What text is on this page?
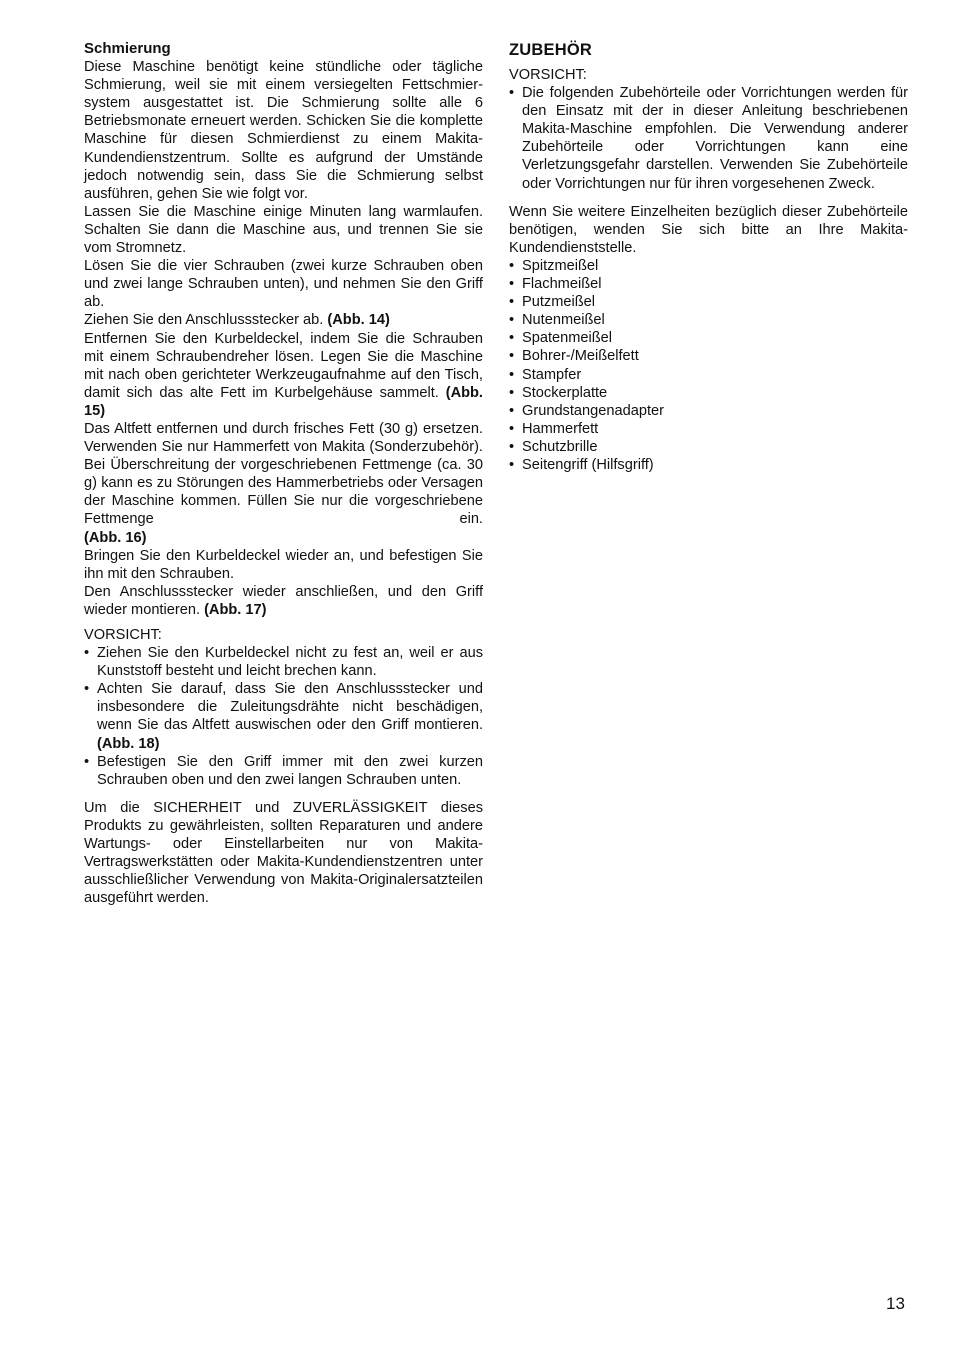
Schmierung

Diese Maschine benötigt keine stündliche oder tägliche Schmierung, weil sie mit einem versiegelten Fettschmiersystem ausgestattet ist. Die Schmierung sollte alle 6 Betriebsmonate erneuert werden. Schicken Sie die komplette Maschine für diesen Schmierdienst zu einem Makita-Kundendienstzentrum. Sollte es aufgrund der Umstände jedoch notwendig sein, dass Sie die Schmierung selbst ausführen, gehen Sie wie folgt vor.

Lassen Sie die Maschine einige Minuten lang warmlaufen. Schalten Sie dann die Maschine aus, und trennen Sie sie vom Stromnetz.

Lösen Sie die vier Schrauben (zwei kurze Schrauben oben und zwei lange Schrauben unten), und nehmen Sie den Griff ab.

Ziehen Sie den Anschlussstecker ab. (Abb. 14)

Entfernen Sie den Kurbeldeckel, indem Sie die Schrauben mit einem Schraubendreher lösen. Legen Sie die Maschine mit nach oben gerichteter Werkzeugaufnahme auf den Tisch, damit sich das alte Fett im Kurbelgehäuse sammelt. (Abb. 15)

Das Altfett entfernen und durch frisches Fett (30 g) ersetzen. Verwenden Sie nur Hammerfett von Makita (Sonderzubehör). Bei Überschreitung der vorgeschriebenen Fettmenge (ca. 30 g) kann es zu Störungen des Hammerbetriebs oder Versagen der Maschine kommen. Füllen Sie nur die vorgeschriebene Fettmenge ein.

(Abb. 16)

Bringen Sie den Kurbeldeckel wieder an, und befestigen Sie ihn mit den Schrauben.

Den Anschlussstecker wieder anschließen, und den Griff wieder montieren. (Abb. 17)

VORSICHT:

• Ziehen Sie den Kurbeldeckel nicht zu fest an, weil er aus Kunststoff besteht und leicht brechen kann.
• Achten Sie darauf, dass Sie den Anschlussstecker und insbesondere die Zuleitungsdrähte nicht beschädigen, wenn Sie das Altfett auswischen oder den Griff montieren. (Abb. 18)
• Befestigen Sie den Griff immer mit den zwei kurzen Schrauben oben und den zwei langen Schrauben unten.

Um die SICHERHEIT und ZUVERLÄSSIGKEIT dieses Produkts zu gewährleisten, sollten Reparaturen und andere Wartungs- oder Einstellarbeiten nur von Makita-Vertragswerkstätten oder Makita-Kundendienstzentren unter ausschließlicher Verwendung von Makita-Originalersatzteilen ausgeführt werden.

ZUBEHÖR

VORSICHT:

• Die folgenden Zubehörteile oder Vorrichtungen werden für den Einsatz mit der in dieser Anleitung beschriebenen Makita-Maschine empfohlen. Die Verwendung anderer Zubehörteile oder Vorrichtungen kann eine Verletzungsgefahr darstellen. Verwenden Sie Zubehörteile oder Vorrichtungen nur für ihren vorgesehenen Zweck.

Wenn Sie weitere Einzelheiten bezüglich dieser Zubehörteile benötigen, wenden Sie sich bitte an Ihre Makita-Kundendienststelle.

• Spitzmeißel
• Flachmeißel
• Putzmeißel
• Nutenmeißel
• Spatenmeißel
• Bohrer-/Meißelfett
• Stampfer
• Stockerplatte
• Grundstangenadapter
• Hammerfett
• Schutzbrille
• Seitengriff (Hilfsgriff)
13
